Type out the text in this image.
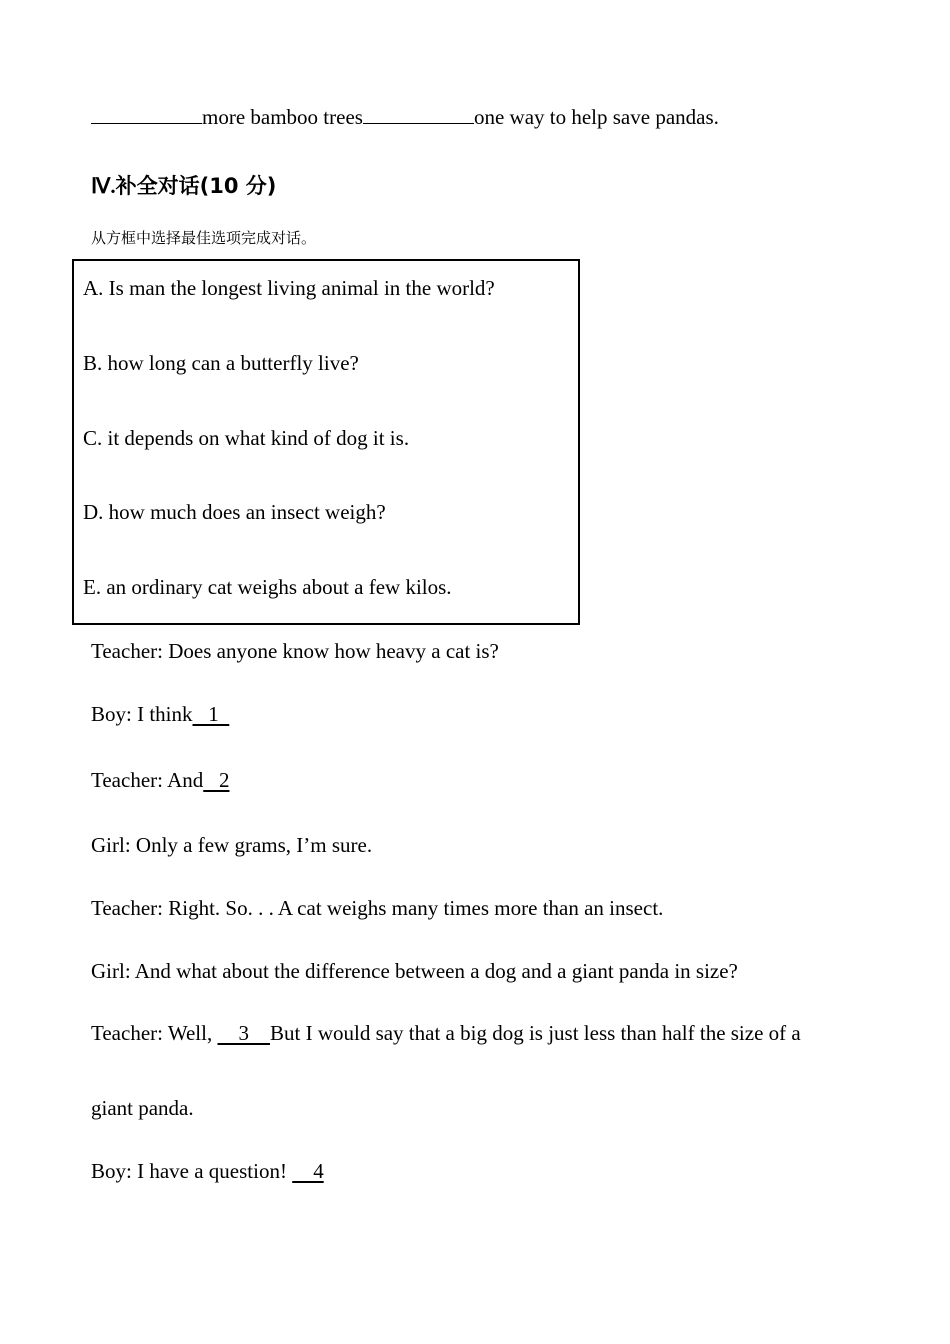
more bamboo trees	one way to help save pandas.
Ⅳ.补全对话(10 分)
从方框中选择最佳选项完成对话。
A. Is man the longest living animal in the world?
B. how long can a butterfly live?
C. it depends on what kind of dog it is.
D. how much does an insect weigh?
E. an ordinary cat weighs about a few kilos.
Teacher: Does anyone know how heavy a cat is?
Boy: I think   1
Teacher: And   2
Girl: Only a few grams, I’m sure.
Teacher: Right. So. . . A cat weighs many times more than an insect.
Girl: And what about the difference between a dog and a giant panda in size?
Teacher: Well,     3    But I would say that a big dog is just less than half the size of a
giant panda.
Boy: I have a question!     4
